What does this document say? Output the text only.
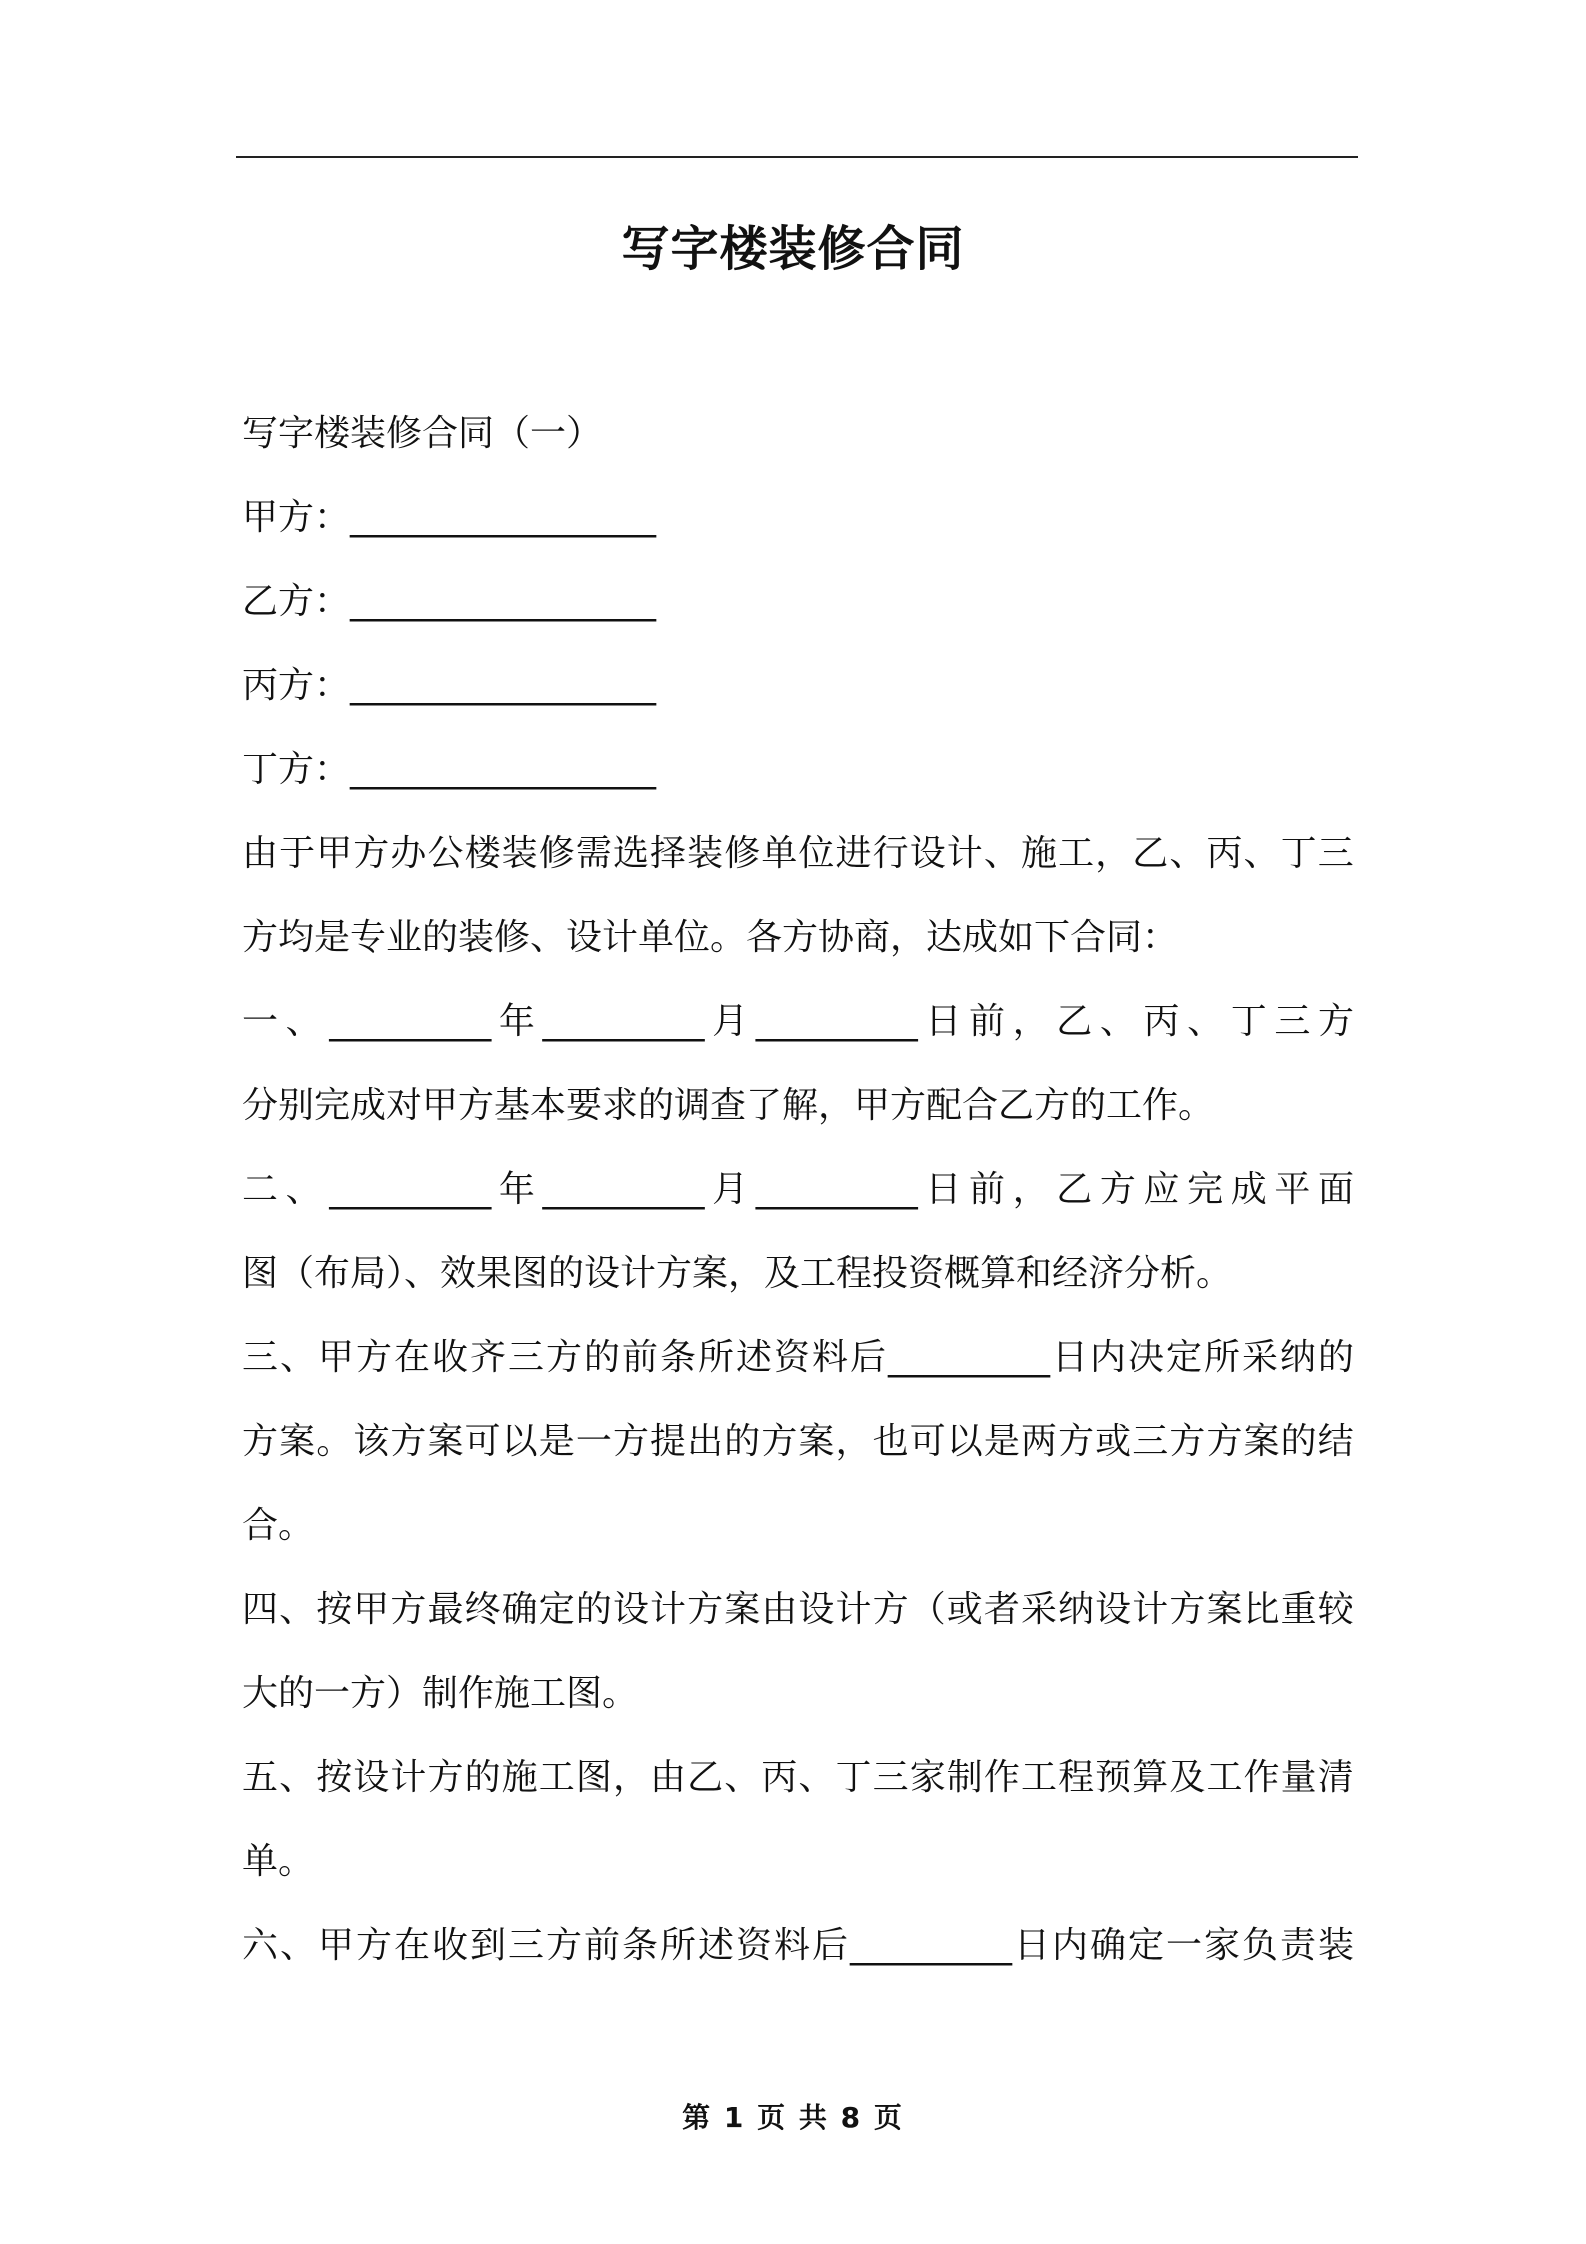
写字楼装修合同
写字楼装修合同（一）
甲方：_________________
乙方：_________________
丙方：_________________
丁方：_________________
由 于 甲 方 办 公 楼 装 修 需 选 择 装 修 单 位 进 行 设 计 、 施 工 ， 乙 、 丙 、 丁 三
方均是专业的装修、设计单位。各方协商，达成如下合同：
一 、 _________ 年 _________ 月 _________ 日 前 ， 乙 、 丙 、 丁 三 方
分别完成对甲方基本要求的调查了解，甲方配合乙方的工作。
二 、 _________ 年 _________ 月 _________ 日 前 ， 乙 方 应 完 成 平 面
图（布局）、效果图的设计方案，及工程投资概算和经济分析。
三 、 甲 方 在 收 齐 三 方 的 前 条 所 述 资 料 后 _________ 日 内 决 定 所 采 纳 的
方 案 。 该 方 案 可 以 是 一 方 提 出 的 方 案 ， 也 可 以 是 两 方 或 三 方 方 案 的 结
合。
四 、 按 甲 方 最 终 确 定 的 设 计 方 案 由 设 计 方 （ 或 者 采 纳 设 计 方 案 比 重 较
大的一方）制作施工图。
五 、 按 设 计 方 的 施 工 图 ， 由 乙 、 丙 、 丁 三 家 制 作 工 程 预 算 及 工 作 量 清
单。
六 、 甲 方 在 收 到 三 方 前 条 所 述 资 料 后 _________ 日 内 确 定 一 家 负 责 装
第 1 页 共 8 页
